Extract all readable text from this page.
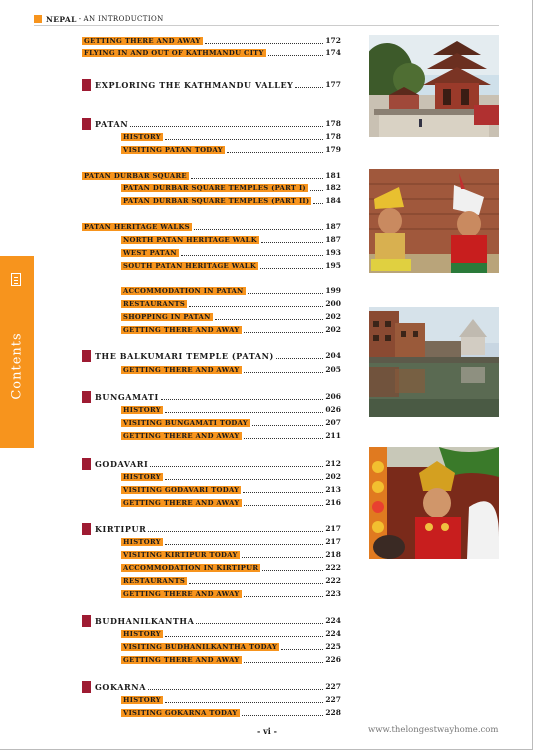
NEPAL - AN INTRODUCTION
Contents
GETTING THERE AND AWAY	172
FLYING IN AND OUT OF KATHMANDU CITY	174
EXPLORING THE KATHMANDU VALLEY	177
PATAN	178
HISTORY	178
VISITING PATAN TODAY	179
PATAN DURBAR SQUARE	181
PATAN DURBAR SQUARE TEMPLES (PART I)	182
PATAN DURBAR SQUARE TEMPLES (PART II) 184
PATAN HERITAGE WALKS	187
NORTH PATAN HERITAGE WALK	187
WEST PATAN	193
SOUTH PATAN HERITAGE WALK	195
ACCOMMODATION IN PATAN	199
RESTAURANTS	200
SHOPPING IN PATAN	202
GETTING THERE AND AWAY	202
THE BALKUMARI TEMPLE (PATAN)	204
GETTING THERE AND AWAY	205
BUNGAMATI	206
HISTORY	026
VISITING BUNGAMATI TODAY	207
GETTING THERE AND AWAY	211
GODAVARI	212
HISTORY	202
VISITING GODAVARI TODAY	213
GETTING THERE AND AWAY	216
KIRTIPUR	217
HISTORY	217
VISITING KIRTIPUR TODAY	218
ACCOMMODATION IN KIRTIPUR	222
RESTAURANTS	222
GETTING THERE AND AWAY	223
BUDHANILKANTHA	224
HISTORY	224
VISITING BUDHANILKANTHA TODAY	225
GETTING THERE AND AWAY	226
GOKARNA	227
HISTORY	227
VISITING GOKARNA TODAY	228
- vi -	www.thelongestwayhome.com
